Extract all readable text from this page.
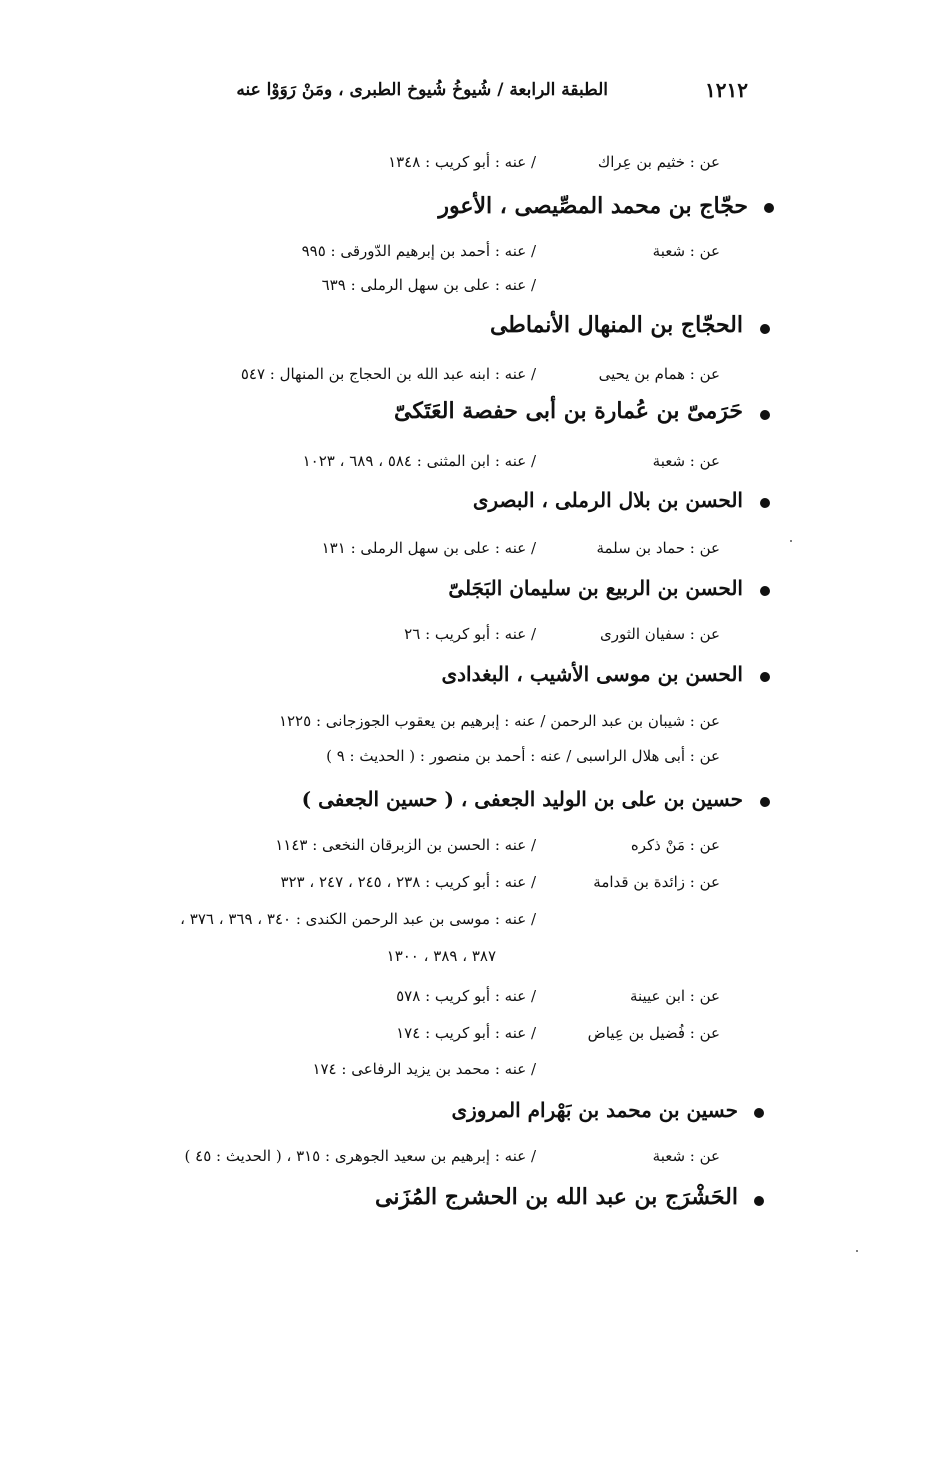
١٢١٢
الطبقة الرابعة / شُيوخُ شُيوخ الطبرى ، ومَنْ رَوَوْا عنه
عن : خثيم بن عِراك
/ عنه : أبو كريب : ١٣٤٨
حجّاج بن محمد المصِّيصى ، الأعور
عن : شعبة
/ عنه : أحمد بن إبرهيم الدّورقى : ٩٩٥
/ عنه : على بن سهل الرملى : ٦٣٩
الحجّاج بن المنهال الأنماطى
عن : همام بن يحيى
/ عنه : ابنه عبد الله بن الحجاج بن المنهال : ٥٤٧
حَرَمىّ بن عُمارة بن أبى حفصة العَتَكىّ
عن : شعبة
/ عنه : ابن المثنى : ٥٨٤ ، ٦٨٩ ، ١٠٢٣
الحسن بن بلال الرملى ، البصرى
عن : حماد بن سلمة
/ عنه : على بن سهل الرملى : ١٣١
الحسن بن الربيع بن سليمان البَجَلىّ
عن : سفيان الثورى
/ عنه : أبو كريب : ٢٦
الحسن بن موسى الأشيب ، البغدادى
عن : شيبان بن عبد الرحمن / عنه : إبرهيم بن يعقوب الجوزجانى : ١٢٢٥
عن : أبى هلال الراسبى / عنه : أحمد بن منصور : ( الحديث : ٩ )
حسين بن على بن الوليد الجعفى ، ( حسين الجعفى )
عن : مَنْ ذكره
/ عنه : الحسن بن الزبرقان النخعى : ١١٤٣
عن : زائدة بن قدامة
/ عنه : أبو كريب : ٢٣٨ ، ٢٤٥ ، ٢٤٧ ، ٣٢٣
/ عنه : موسى بن عبد الرحمن الكندى : ٣٤٠ ، ٣٦٩ ، ٣٧٦ ،
٣٨٧ ، ٣٨٩ ، ١٣٠٠
عن : ابن عيينة
/ عنه : أبو كريب : ٥٧٨
عن : فُضيل بن عِياض
/ عنه : أبو كريب : ١٧٤
/ عنه : محمد بن يزيد الرفاعى : ١٧٤
حسين بن محمد بن بَهْرام المروزى
عن : شعبة
/ عنه : إبرهيم بن سعيد الجوهرى : ٣١٥ ، ( الحديث : ٤٥ )
الحَشْرَج بن عبد الله بن الحشرج المُزَنى
